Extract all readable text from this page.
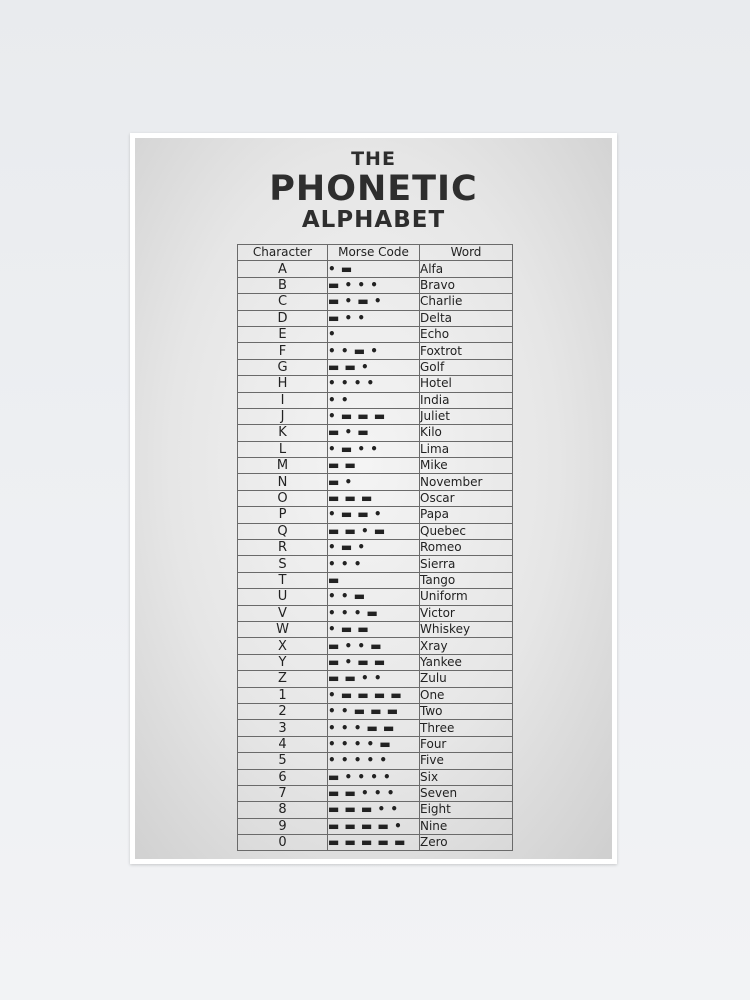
THE
PHONETIC
ALPHABET
Character	Morse Code	Word
A	• ▬	Alfa
B	▬ • • •	Bravo
C	▬ • ▬ •	Charlie
D	▬ • •	Delta
E	•	Echo
F	• • ▬ •	Foxtrot
G	▬ ▬ •	Golf
H	• • • •	Hotel
I	• •	India
J	• ▬ ▬ ▬	Juliet
K	▬ • ▬	Kilo
L	• ▬ • •	Lima
M	▬ ▬	Mike
N	▬ •	November
O	▬ ▬ ▬	Oscar
P	• ▬ ▬ •	Papa
Q	▬ ▬ • ▬	Quebec
R	• ▬ •	Romeo
S	• • •	Sierra
T	▬	Tango
U	• • ▬	Uniform
V	• • • ▬	Victor
W	• ▬ ▬	Whiskey
X	▬ • • ▬	Xray
Y	▬ • ▬ ▬	Yankee
Z	▬ ▬ • •	Zulu
1	• ▬ ▬ ▬ ▬	One
2	• • ▬ ▬ ▬	Two
3	• • • ▬ ▬	Three
4	• • • • ▬	Four
5	• • • • •	Five
6	▬ • • • •	Six
7	▬ ▬ • • •	Seven
8	▬ ▬ ▬ • •	Eight
9	▬ ▬ ▬ ▬ •	Nine
0	▬ ▬ ▬ ▬ ▬	Zero
